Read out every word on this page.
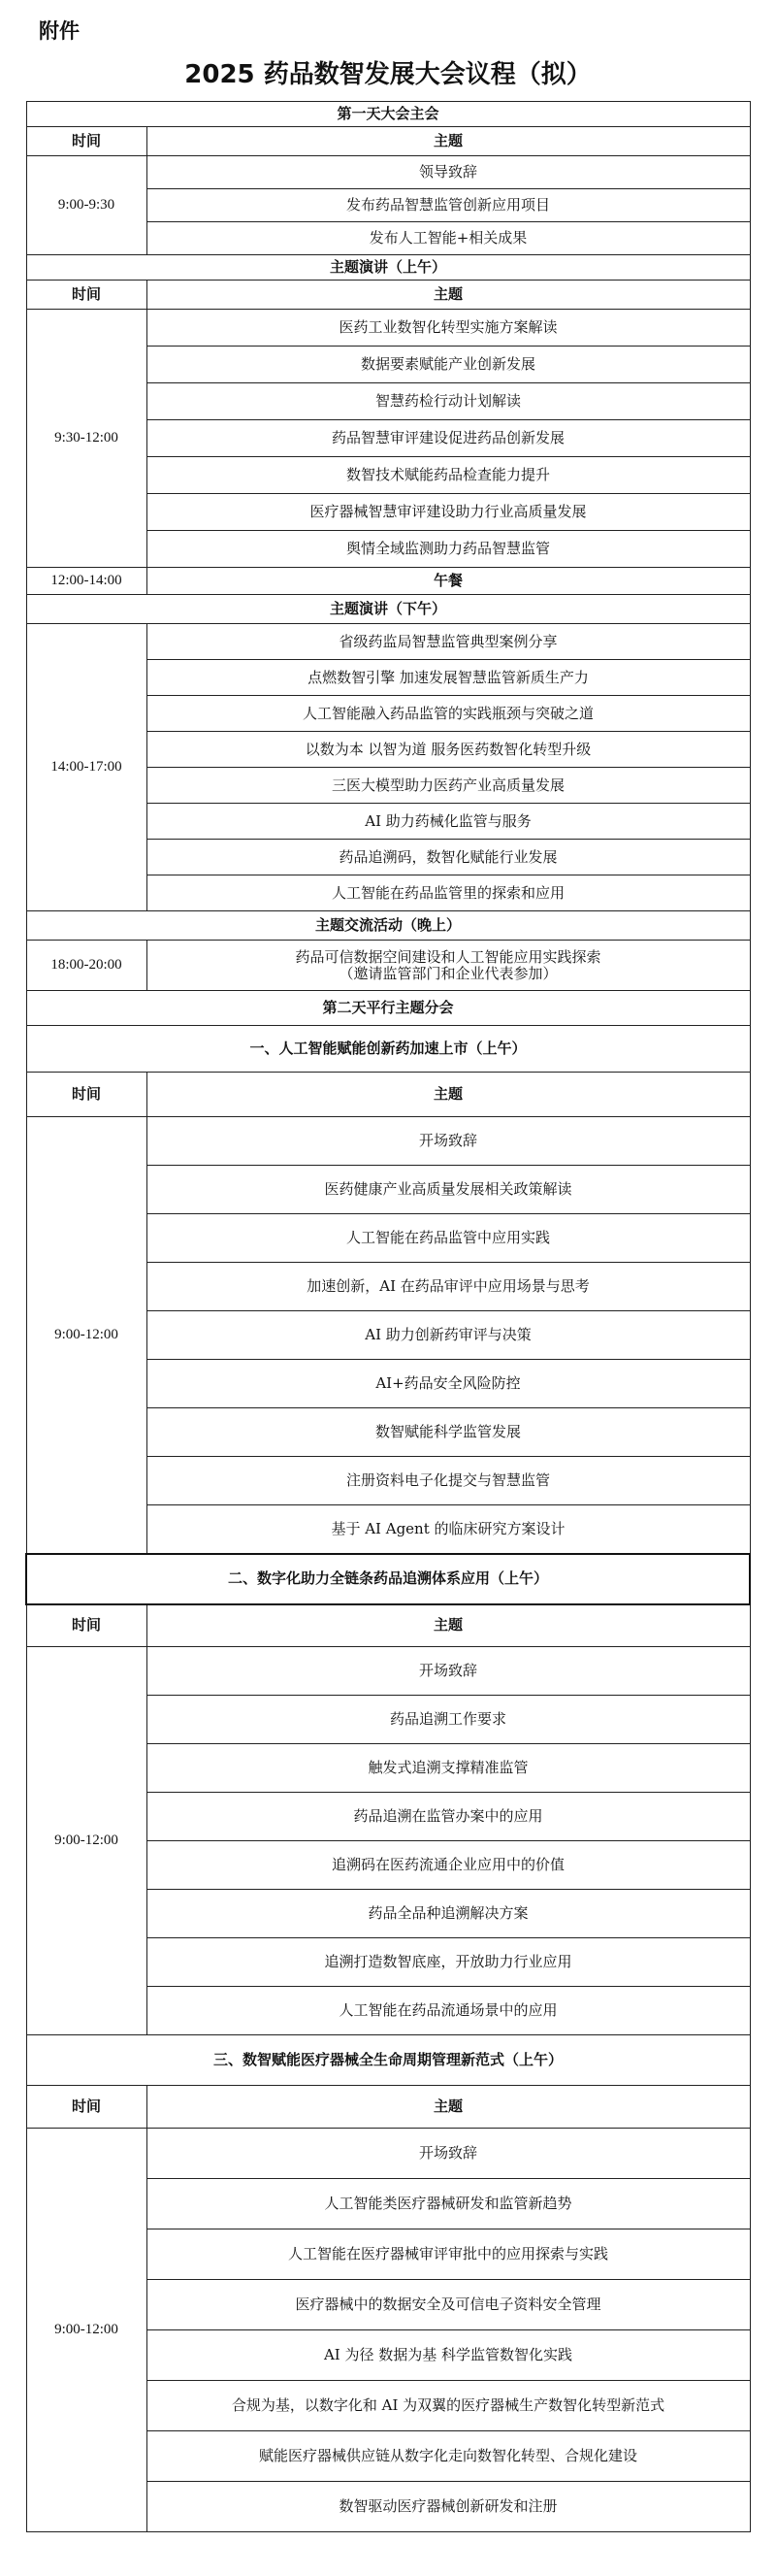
附件
2025 药品数智发展大会议程（拟）
第一天大会主会	
时间	主题
9:00-9:30	领导致辞
	发布药品智慧监管创新应用项目
	发布人工智能+相关成果
主题演讲（上午）	
时间	主题
9:30-12:00	医药工业数智化转型实施方案解读
	数据要素赋能产业创新发展
	智慧药检行动计划解读
	药品智慧审评建设促进药品创新发展
	数智技术赋能药品检查能力提升
	医疗器械智慧审评建设助力行业高质量发展
	舆情全域监测助力药品智慧监管
12:00-14:00	午餐
主题演讲（下午）	
14:00-17:00	省级药监局智慧监管典型案例分享
	点燃数智引擎 加速发展智慧监管新质生产力
	人工智能融入药品监管的实践瓶颈与突破之道
	以数为本 以智为道 服务医药数智化转型升级
	三医大模型助力医药产业高质量发展
	AI 助力药械化监管与服务
	药品追溯码，数智化赋能行业发展
	人工智能在药品监管里的探索和应用
主题交流活动（晚上）	
18:00-20:00	药品可信数据空间建设和人工智能应用实践探索
（邀请监管部门和企业代表参加）

第二天平行主题分会	
一、人工智能赋能创新药加速上市（上午）	
时间	主题
9:00-12:00	开场致辞
	医药健康产业高质量发展相关政策解读
	人工智能在药品监管中应用实践
	加速创新，AI 在药品审评中应用场景与思考
	AI 助力创新药审评与决策
	AI+药品安全风险防控
	数智赋能科学监管发展
	注册资料电子化提交与智慧监管
	基于 AI Agent 的临床研究方案设计
二、数字化助力全链条药品追溯体系应用（上午）	
时间	主题
9:00-12:00	开场致辞
	药品追溯工作要求
	触发式追溯支撑精准监管
	药品追溯在监管办案中的应用
	追溯码在医药流通企业应用中的价值
	药品全品种追溯解决方案
	追溯打造数智底座，开放助力行业应用
	人工智能在药品流通场景中的应用
三、数智赋能医疗器械全生命周期管理新范式（上午）	
时间	主题
9:00-12:00	开场致辞
	人工智能类医疗器械研发和监管新趋势
	人工智能在医疗器械审评审批中的应用探索与实践
	医疗器械中的数据安全及可信电子资料安全管理
	AI 为径 数据为基 科学监管数智化实践
	合规为基，以数字化和 AI 为双翼的医疗器械生产数智化转型新范式
	赋能医疗器械供应链从数字化走向数智化转型、合规化建设
	数智驱动医疗器械创新研发和注册
